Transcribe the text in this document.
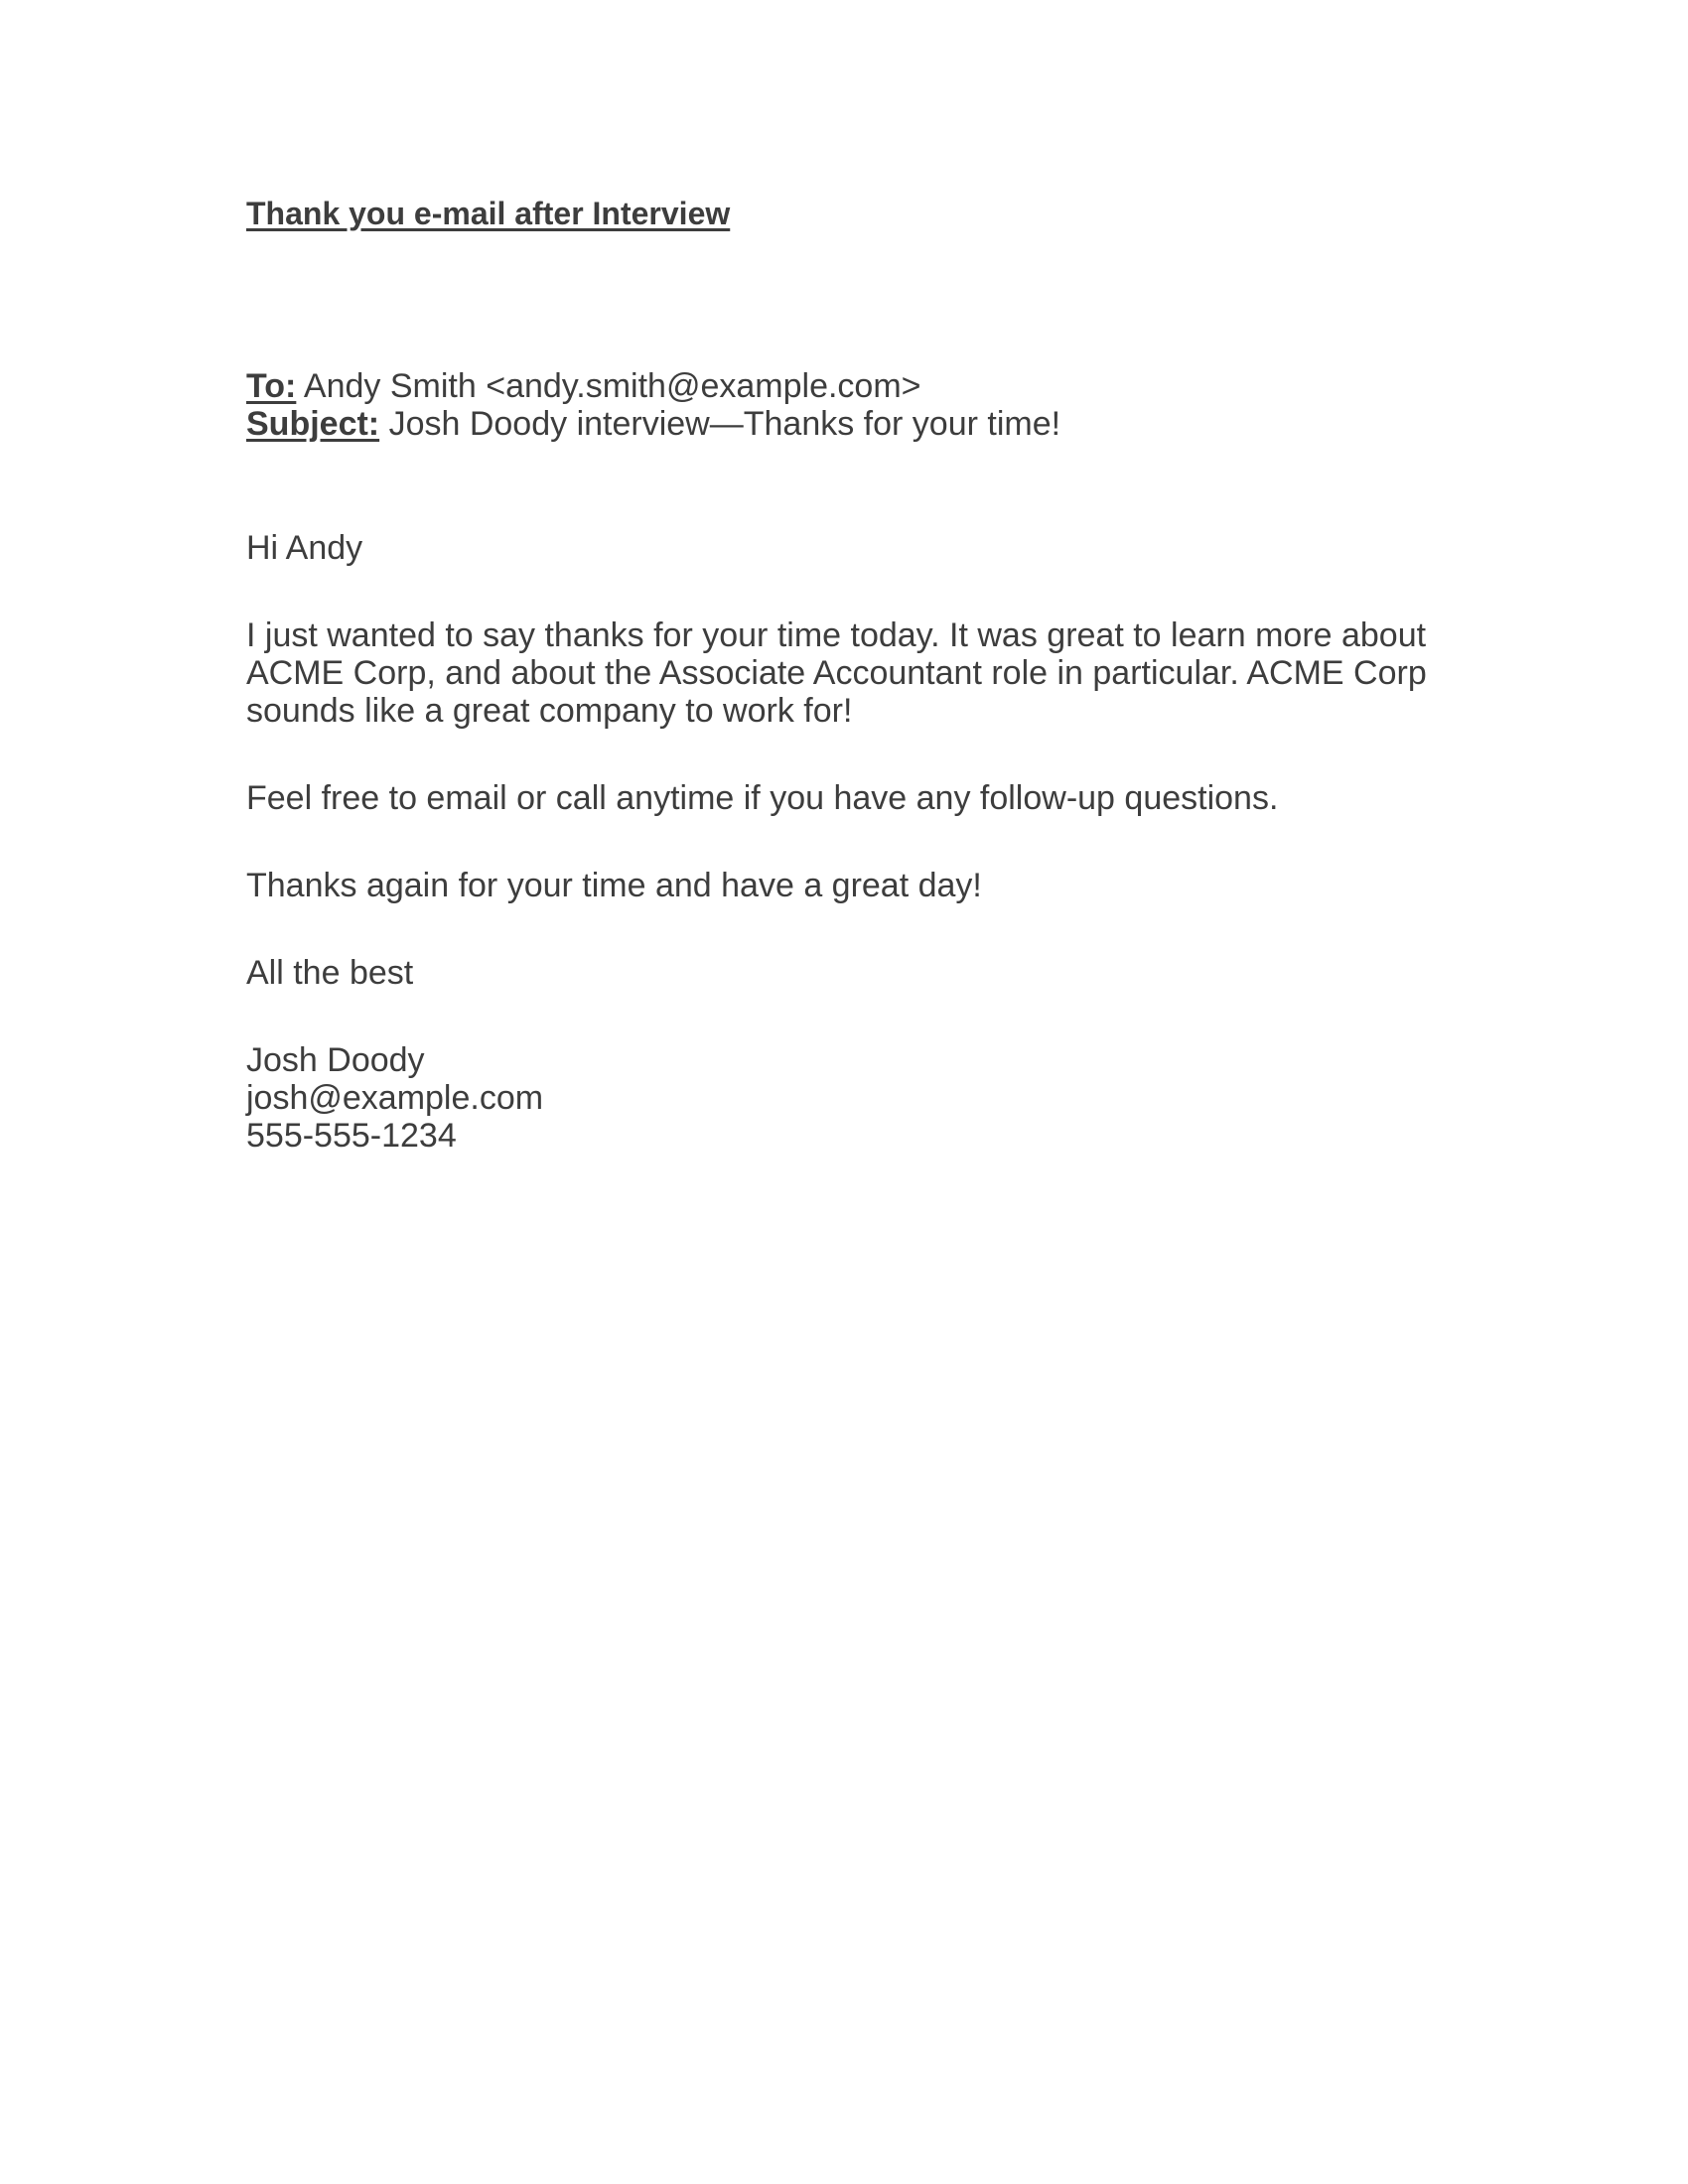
Thank you e-mail after Interview

To: Andy Smith <andy.smith@example.com>

Subject: Josh Doody interview—Thanks for your time!

Hi Andy

I just wanted to say thanks for your time today. It was great to learn more about ACME Corp, and about the Associate Accountant role in particular. ACME Corp sounds like a great company to work for!

Feel free to email or call anytime if you have any follow-up questions.

Thanks again for your time and have a great day!

All the best

Josh Doody
josh@example.com
555-555-1234
